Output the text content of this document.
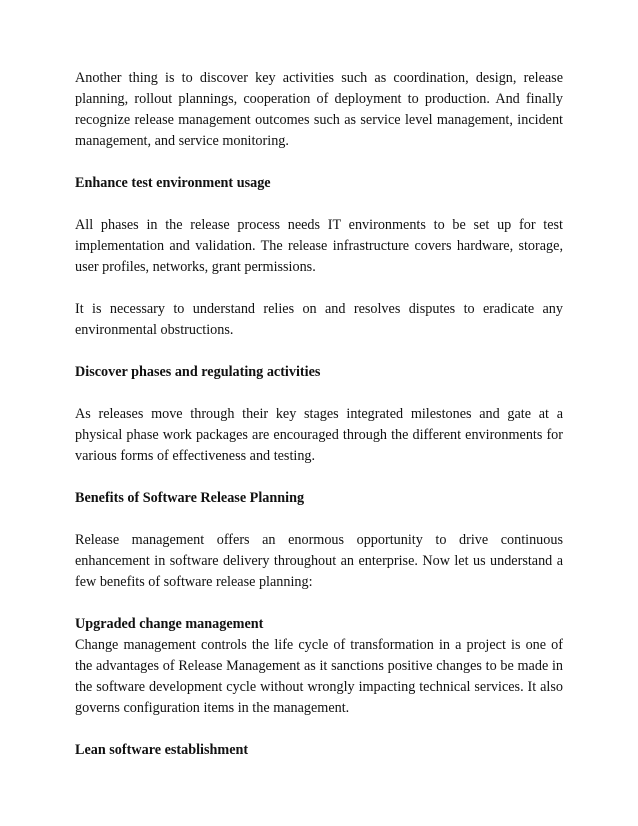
Another thing is to discover key activities such as coordination, design, release planning, rollout plannings, cooperation of deployment to production. And finally recognize release management outcomes such as service level management, incident management, and service monitoring.

Enhance test environment usage

All phases in the release process needs IT environments to be set up for test implementation and validation. The release infrastructure covers hardware, storage, user profiles, networks, grant permissions.

It is necessary to understand relies on and resolves disputes to eradicate any environmental obstructions.

Discover phases and regulating activities

As releases move through their key stages integrated milestones and gate at a physical phase work packages are encouraged through the different environments for various forms of effectiveness and testing.

Benefits of Software Release Planning

Release management offers an enormous opportunity to drive continuous enhancement in software delivery throughout an enterprise. Now let us understand a few benefits of software release planning:

Upgraded change management

Change management controls the life cycle of transformation in a project is one of the advantages of Release Management as it sanctions positive changes to be made in the software development cycle without wrongly impacting technical services. It also governs configuration items in the management.

Lean software establishment
